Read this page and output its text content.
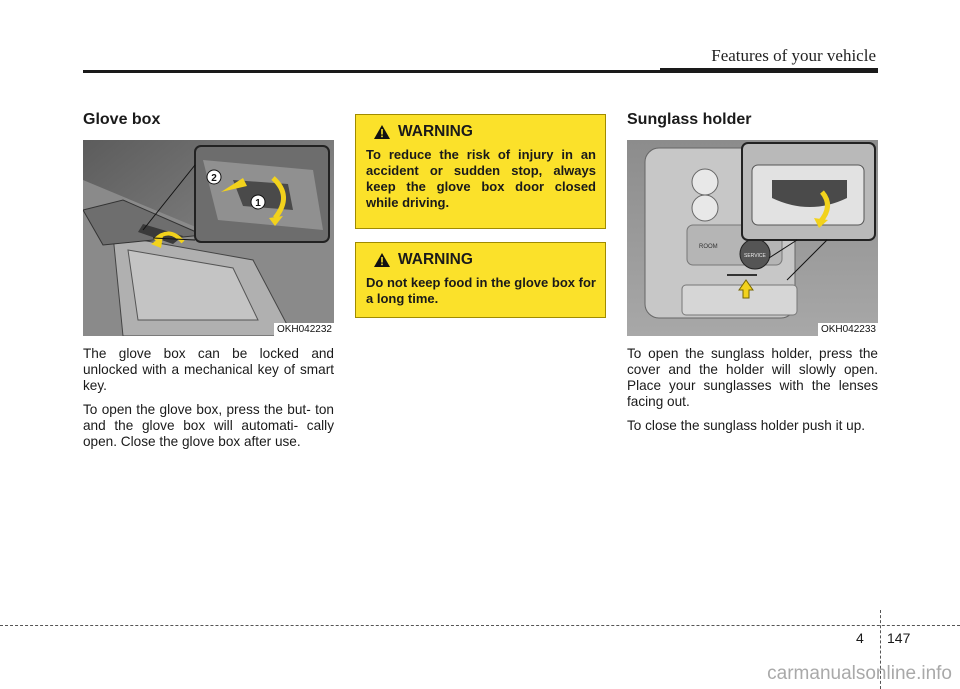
Features of your vehicle
Glove box
2
1
OKH042232

The glove box can be locked and unlocked with a mechanical key of smart key.

To open the glove box, press the but- ton and the glove box will automati- cally open. Close the glove box after use.

WARNING

To reduce the risk of injury in an accident or sudden stop, always keep the glove box door closed while driving.

WARNING

Do not keep food in the glove box for a long time.

Sunglass holder
ROOM
SERVICE
OKH042233

To open the sunglass holder, press the cover and the holder will slowly open. Place your sunglasses with the lenses facing out.

To close the sunglass holder push it up.

4 147
carmanualsonline.info
